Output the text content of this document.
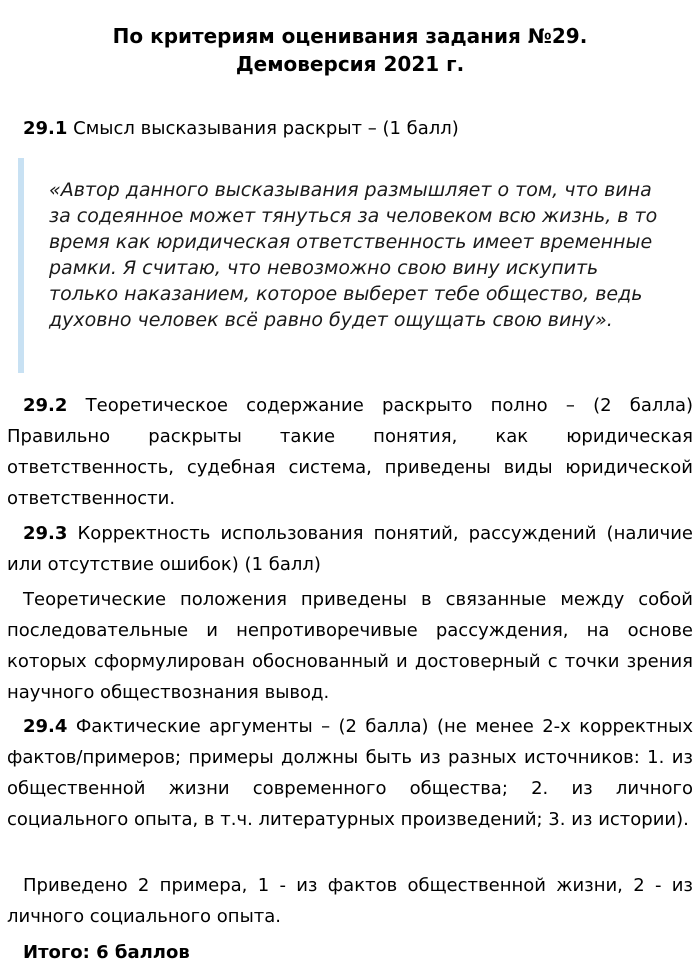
По критериям оценивания задания №29.
Демоверсия 2021 г.
29.1 Смысл высказывания раскрыт – (1 балл)
«Автор данного высказывания размышляет о том, что вина за содеянное может тянуться за человеком всю жизнь, в то время как юридическая ответственность имеет временные рамки. Я считаю, что невозможно свою вину искупить только наказанием, которое выберет тебе общество, ведь духовно человек всё равно будет ощущать свою вину».
29.2 Теоретическое содержание раскрыто полно – (2 балла) Правильно раскрыты такие понятия, как юридическая ответственность, судебная система, приведены виды юридической ответственности.
29.3 Корректность использования понятий, рассуждений (наличие или отсутствие ошибок) (1 балл)
Теоретические положения приведены в связанные между собой последовательные и непротиворечивые рассуждения, на основе которых сформулирован обоснованный и достоверный с точки зрения научного обществознания вывод.
29.4 Фактические аргументы – (2 балла) (не менее 2-х корректных фактов/примеров; примеры должны быть из разных источников: 1. из общественной жизни современного общества; 2. из личного социального опыта, в т.ч. литературных произведений; 3. из истории).
Приведено 2 примера, 1 - из фактов общественной жизни, 2 - из личного социального опыта.
Итого: 6 баллов
